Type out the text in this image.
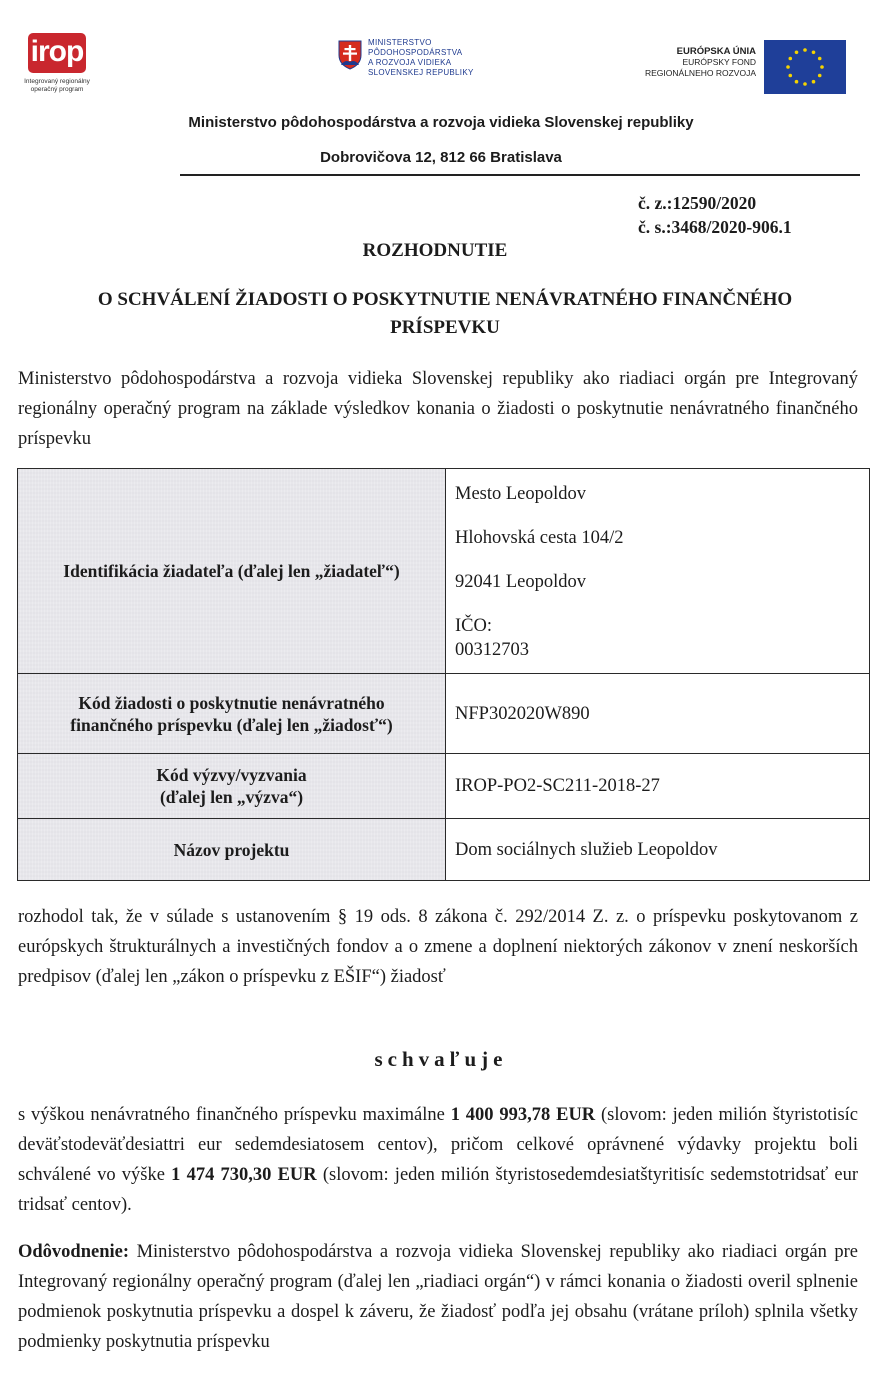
irop
Integrovaný regionálny operačný program
MINISTERSTVO
PÔDOHOSPODÁRSTVA
A ROZVOJA VIDIEKA
SLOVENSKEJ REPUBLIKY
EURÓPSKA ÚNIA
EURÓPSKY FOND
REGIONÁLNEHO ROZVOJA
Ministerstvo pôdohospodárstva a rozvoja vidieka Slovenskej republiky
Dobrovičova 12, 812 66 Bratislava
č. z.:12590/2020
č. s.:3468/2020-906.1
ROZHODNUTIE
O SCHVÁLENÍ ŽIADOSTI O POSKYTNUTIE NENÁVRATNÉHO FINANČNÉHO
PRÍSPEVKU
Ministerstvo pôdohospodárstva a rozvoja vidieka Slovenskej republiky ako riadiaci orgán pre Integrovaný regionálny operačný program na základe výsledkov konania o žiadosti o poskytnutie nenávratného finančného príspevku
Identifikácia žiadateľa (ďalej len „žiadateľ“)	Mesto Leopoldov
Hlohovská cesta 104/2
92041 Leopoldov
IČO:
00312703

Kód žiadosti o poskytnutie nenávratného
finančného príspevku (ďalej len „žiadosť“)	NFP302020W890

Kód výzvy/vyzvania
(ďalej len „výzva“)	IROP-PO2-SC211-2018-27
Názov projektu	Dom sociálnych služieb Leopoldov
rozhodol tak, že v súlade s ustanovením § 19 ods. 8 zákona č. 292/2014 Z. z. o príspevku poskytovanom z európskych štrukturálnych a investičných fondov a o zmene a doplnení niektorých zákonov v znení neskorších predpisov (ďalej len „zákon o príspevku z EŠIF“) žiadosť
schvaľuje
s výškou nenávratného finančného príspevku maximálne 1 400 993,78 EUR (slovom: jeden milión štyristotisíc deväťstodeväťdesiattri eur sedemdesiatosem centov), pričom celkové oprávnené výdavky projektu boli schválené vo výške 1 474 730,30 EUR (slovom: jeden milión štyristosedemdesiatštyritisíc sedemstotridsať eur tridsať centov).
Odôvodnenie: Ministerstvo pôdohospodárstva a rozvoja vidieka Slovenskej republiky ako riadiaci orgán pre Integrovaný regionálny operačný program (ďalej len „riadiaci orgán“) v rámci konania o žiadosti overil splnenie podmienok poskytnutia príspevku a dospel k záveru, že žiadosť podľa jej obsahu (vrátane príloh) splnila všetky podmienky poskytnutia príspevku
